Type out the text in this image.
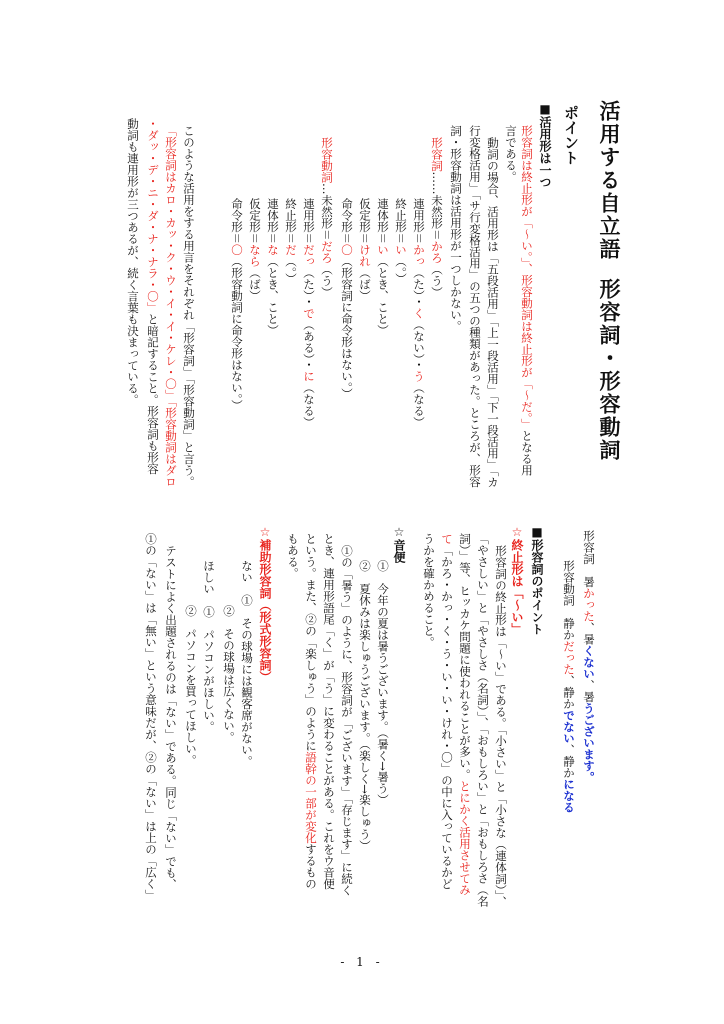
活用する自立語
形容詞・形容動詞
ポイント
■活用形は一つ
形容詞は終止形が「〜い。」、形容動詞は終止形が「〜だ。」となる用
言である。
動詞の場合、活用形は「五段活用」「上一段活用」「下一段活用」「カ
行変格活用」「サ行変格活用」の五つの種類があった。ところが、形容
詞・形容動詞は活用形が一つしかない。
形容詞……未然形＝かろ（う）
連用形＝かっ（た）・く（ない）・う（なる）
終止形＝い（。）
連体形＝い（とき、こと）
仮定形＝けれ（ば）
命令形＝〇（形容詞に命令形はない。）
形容動詞…未然形＝だろ（う）
連用形＝だっ（た）・で（ある）・に（なる）
終止形＝だ（。）
連体形＝な（とき、こと）
仮定形＝なら（ば）
命令形＝〇（形容動詞に命令形はない。）
このような活用をする用言をそれぞれ「形容詞」「形容動詞」と言う。
「形容詞はカロ・カッ・ク・ウ・イ・イ・ケレ・〇」「形容動詞はダロ
・ダッ・デ・ニ・ダ・ナ・ナラ・〇」と暗記すること。形容詞も形容
動詞も連用形が三つあるが、続く言葉も決まっている。
形容詞　暑かった、暑くない、暑うございます。
形容動詞　静かだった、静かでない、静かになる
■形容詞のポイント
☆終止形は「〜い」
形容詞の終止形は「〜い」である。「小さい」と「小さな（連体詞）」、
「やさしい」と「やさしさ（名詞）」、「おもしろい」と「おもしろさ（名
詞）」等、ヒッカケ問題に使われることが多い。とにかく活用させてみ
て「かろ・かっ・く・う・い・い・けれ・〇」の中に入っているかど
うかを確かめること。
☆音便
①　今年の夏は暑うございます。（暑く→暑う）
②　夏休みは楽しゅうございます。（楽しく→楽しゅう）
①の「暑う」のように、形容詞が「ございます」「存じます」に続く
とき、連用形語尾「く」が「う」に変わることがある。これをウ音便
という。また、②の「楽しゅう」のように語幹の一部が変化するもの
もある。
☆補助形容詞（形式形容詞）
ない　①　その球場には観客席がない。
②　その球場は広くない。
ほしい　①　パソコンがほしい。
②　パソコンを買ってほしい。
テストによく出題されるのは「ない」である。同じ「ない」でも、
①の「ない」は「無い」という意味だが、②の「ない」は上の「広く」
- 1 -
